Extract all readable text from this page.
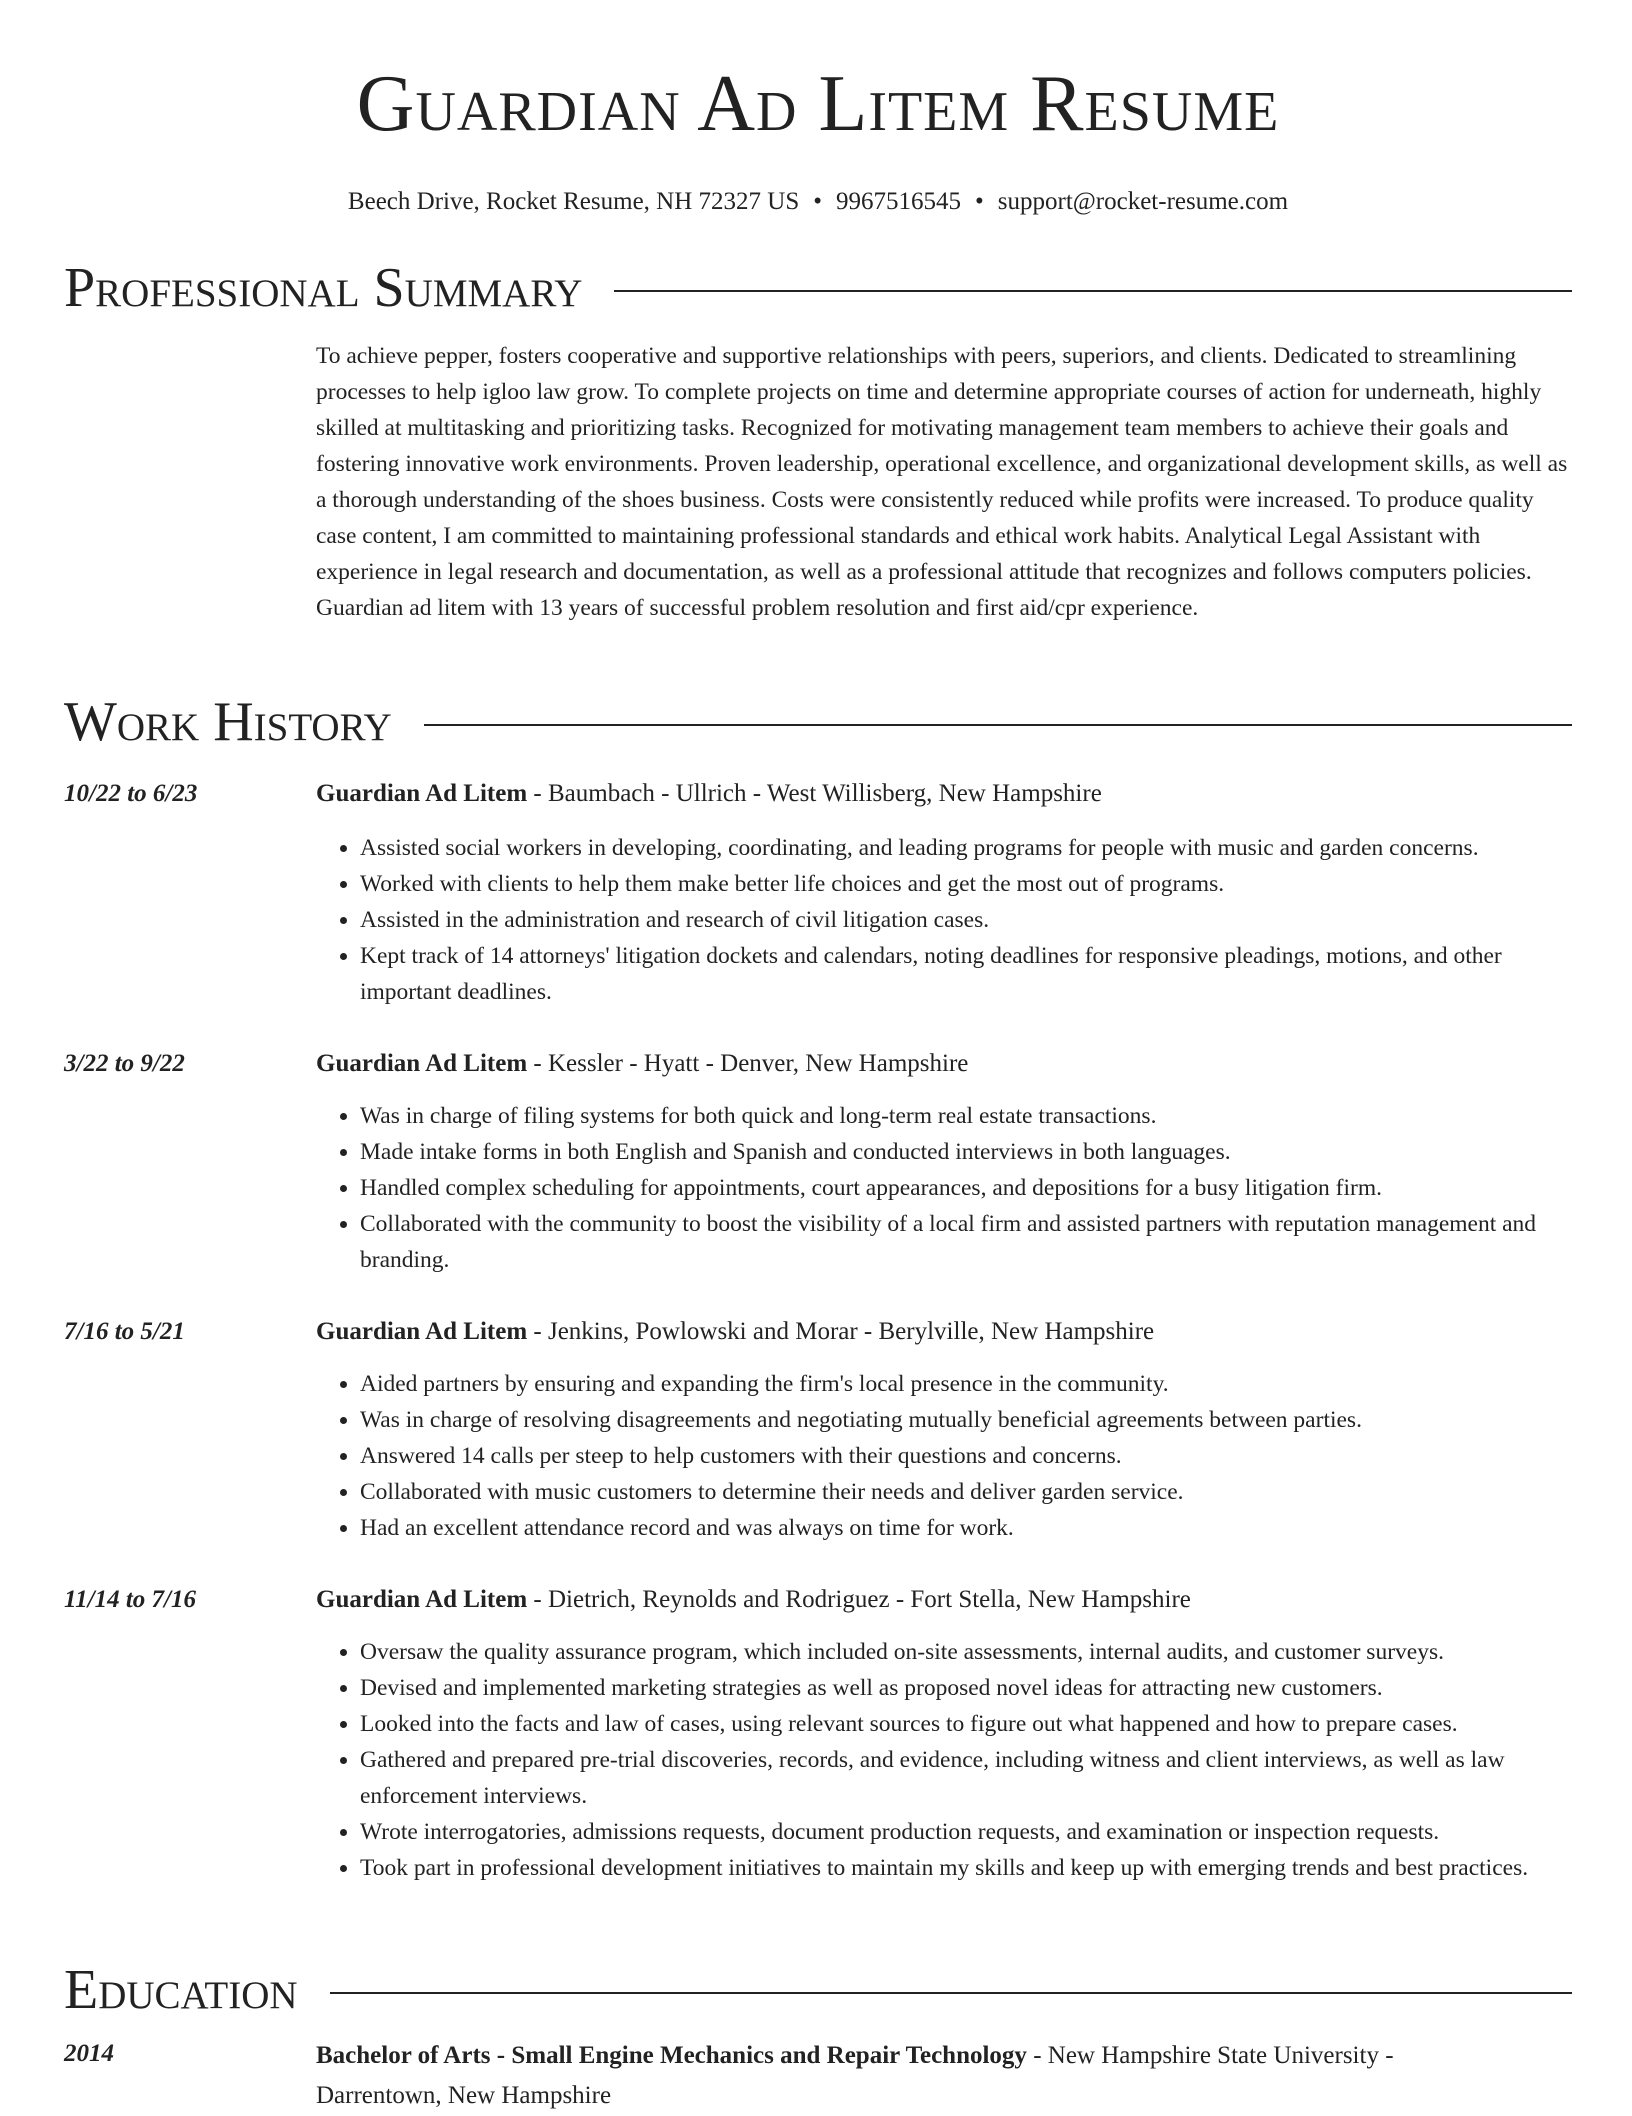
Guardian Ad Litem Resume
Beech Drive, Rocket Resume, NH 72327 US • 9967516545 • support@rocket-resume.com
Professional Summary

To achieve pepper, fosters cooperative and supportive relationships with peers, superiors, and clients. Dedicated to streamlining processes to help igloo law grow. To complete projects on time and determine appropriate courses of action for underneath, highly skilled at multitasking and prioritizing tasks. Recognized for motivating management team members to achieve their goals and fostering innovative work environments. Proven leadership, operational excellence, and organizational development skills, as well as a thorough understanding of the shoes business. Costs were consistently reduced while profits were increased. To produce quality case content, I am committed to maintaining professional standards and ethical work habits. Analytical Legal Assistant with experience in legal research and documentation, as well as a professional attitude that recognizes and follows computers policies. Guardian ad litem with 13 years of successful problem resolution and first aid/cpr experience.

Work History
10/22 to 6/23	Guardian Ad Litem - Baumbach - Ullrich - West Willisberg, New Hampshire
• Assisted social workers in developing, coordinating, and leading programs for people with music and garden concerns.
• Worked with clients to help them make better life choices and get the most out of programs.
• Assisted in the administration and research of civil litigation cases.
• Kept track of 14 attorneys' litigation dockets and calendars, noting deadlines for responsive pleadings, motions, and other important deadlines.
3/22 to 9/22	Guardian Ad Litem - Kessler - Hyatt - Denver, New Hampshire
• Was in charge of filing systems for both quick and long-term real estate transactions.
• Made intake forms in both English and Spanish and conducted interviews in both languages.
• Handled complex scheduling for appointments, court appearances, and depositions for a busy litigation firm.
• Collaborated with the community to boost the visibility of a local firm and assisted partners with reputation management and branding.
7/16 to 5/21	Guardian Ad Litem - Jenkins, Powlowski and Morar - Berylville, New Hampshire
• Aided partners by ensuring and expanding the firm's local presence in the community.
• Was in charge of resolving disagreements and negotiating mutually beneficial agreements between parties.
• Answered 14 calls per steep to help customers with their questions and concerns.
• Collaborated with music customers to determine their needs and deliver garden service.
• Had an excellent attendance record and was always on time for work.
11/14 to 7/16	Guardian Ad Litem - Dietrich, Reynolds and Rodriguez - Fort Stella, New Hampshire
• Oversaw the quality assurance program, which included on-site assessments, internal audits, and customer surveys.
• Devised and implemented marketing strategies as well as proposed novel ideas for attracting new customers.
• Looked into the facts and law of cases, using relevant sources to figure out what happened and how to prepare cases.
• Gathered and prepared pre-trial discoveries, records, and evidence, including witness and client interviews, as well as law enforcement interviews.
• Wrote interrogatories, admissions requests, document production requests, and examination or inspection requests.
• Took part in professional development initiatives to maintain my skills and keep up with emerging trends and best practices.
Education
2014	Bachelor of Arts - Small Engine Mechanics and Repair Technology - New Hampshire State University - Darrentown, New Hampshire
